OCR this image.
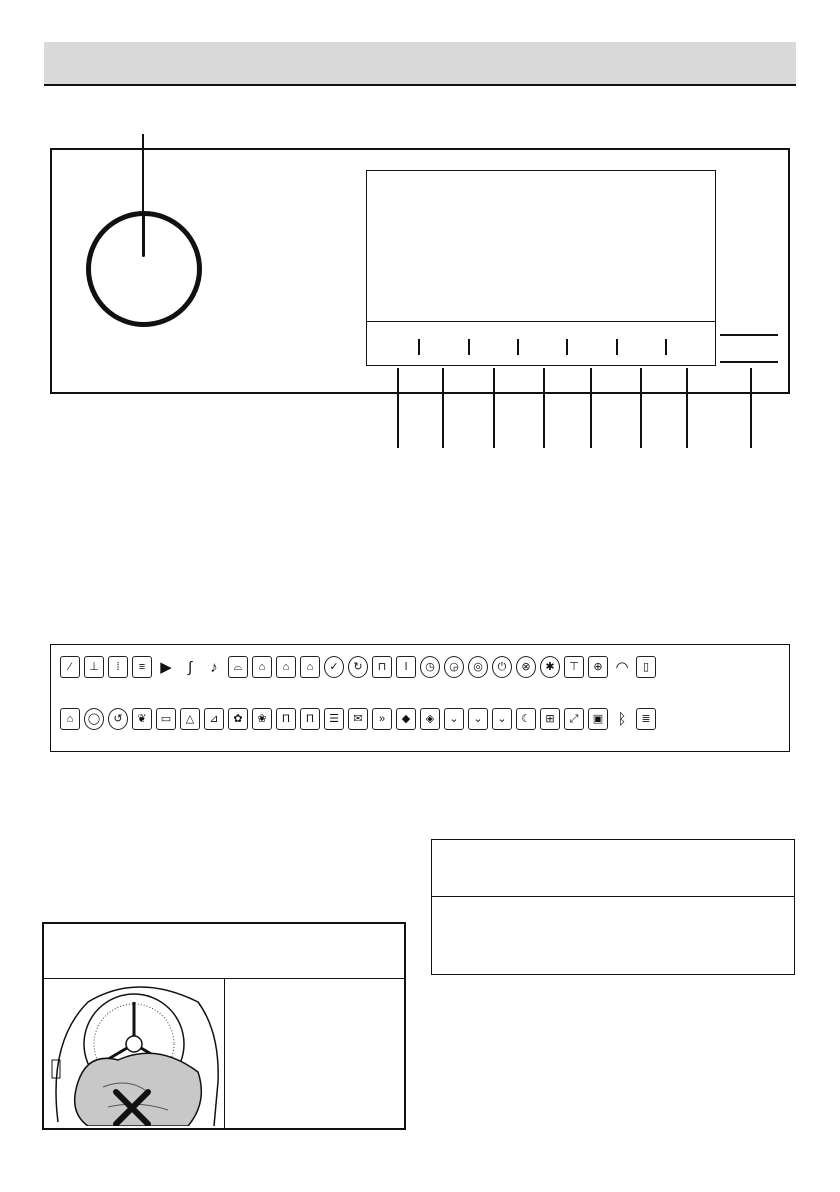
⁄	⊥	⁞	≡	▶	∫	♪	⌓	⌂	⌂	⌂	✓	↻	⊓	ǀ	◷	◶	◎	⏻	⊗	✱	⊤	⊕ ◠	▯
⌂	◯	↺	❦	▭	△	⊿	✿	❀	Π	Π	☰	✉	»	◆	◈	⌄	⌄	⌄	☾	⊞	⤢	▣ ᛒ	≣
